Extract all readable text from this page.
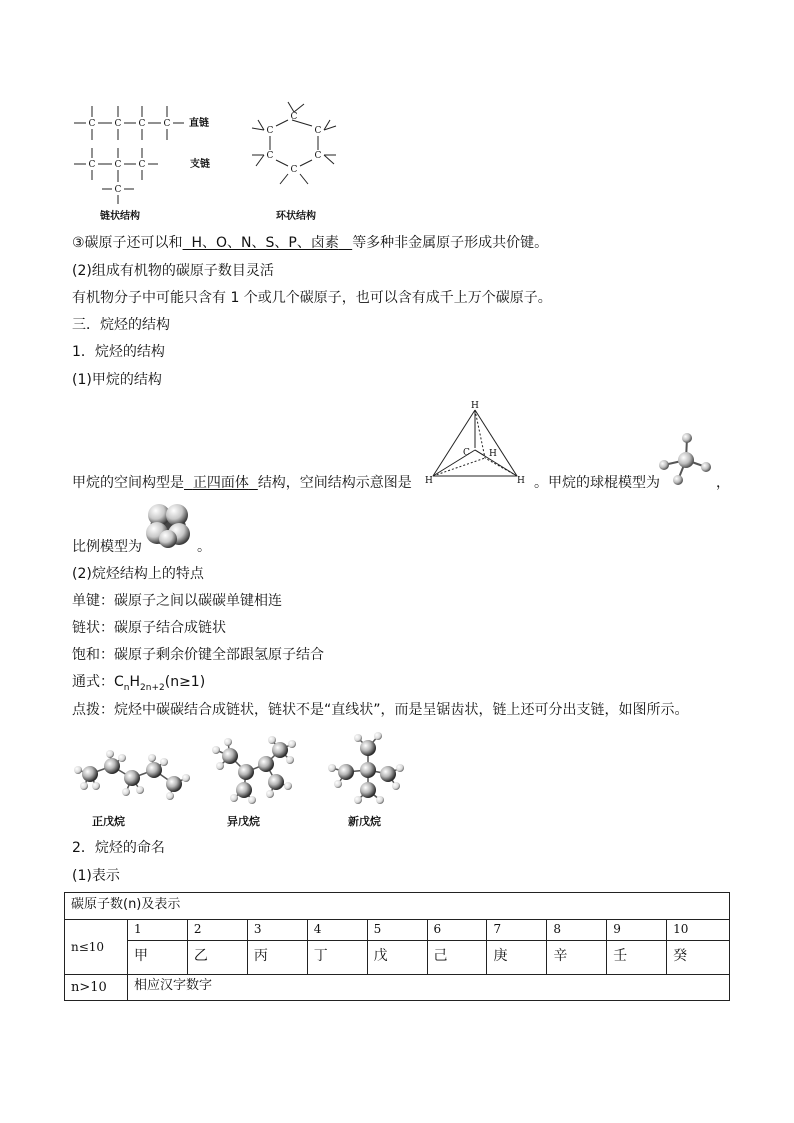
C C C C
C C C
C
C
C
C
C
C
C
直链
支链
链状结构	环状结构
③碳原子还可以和 H、O、N、S、P、卤素 等多种非金属原子形成共价键。
(2)组成有机物的碳原子数目灵活
有机物分子中可能只含有 1 个或几个碳原子，也可以含有成千上万个碳原子。
三．烷烃的结构
1．烷烃的结构
(1)甲烷的结构
H
C H
H	H
甲烷的空间构型是 正四面体 结构，空间结构示意图是	。甲烷的球棍模型为	，
比例模型为	。
(2)烷烃结构上的特点
单键：碳原子之间以碳碳单键相连
链状：碳原子结合成链状
饱和：碳原子剩余价键全部跟氢原子结合
通式：$C_nH_{2n+2}(n\ge 1)$
点拨：烷烃中碳碳结合成链状，链状不是“直线状”，而是呈锯齿状，链上还可分出支链，如图所示。
正戊烷	异戊烷	新戊烷
2．烷烃的命名
(1)表示
碳原子数(n)及表示										
n≤10	1	2	3	4	5	6	7	8	9	10
	甲	乙	丙	丁	戊	己	庚	辛	壬	癸
n>10	相应汉字数字									
